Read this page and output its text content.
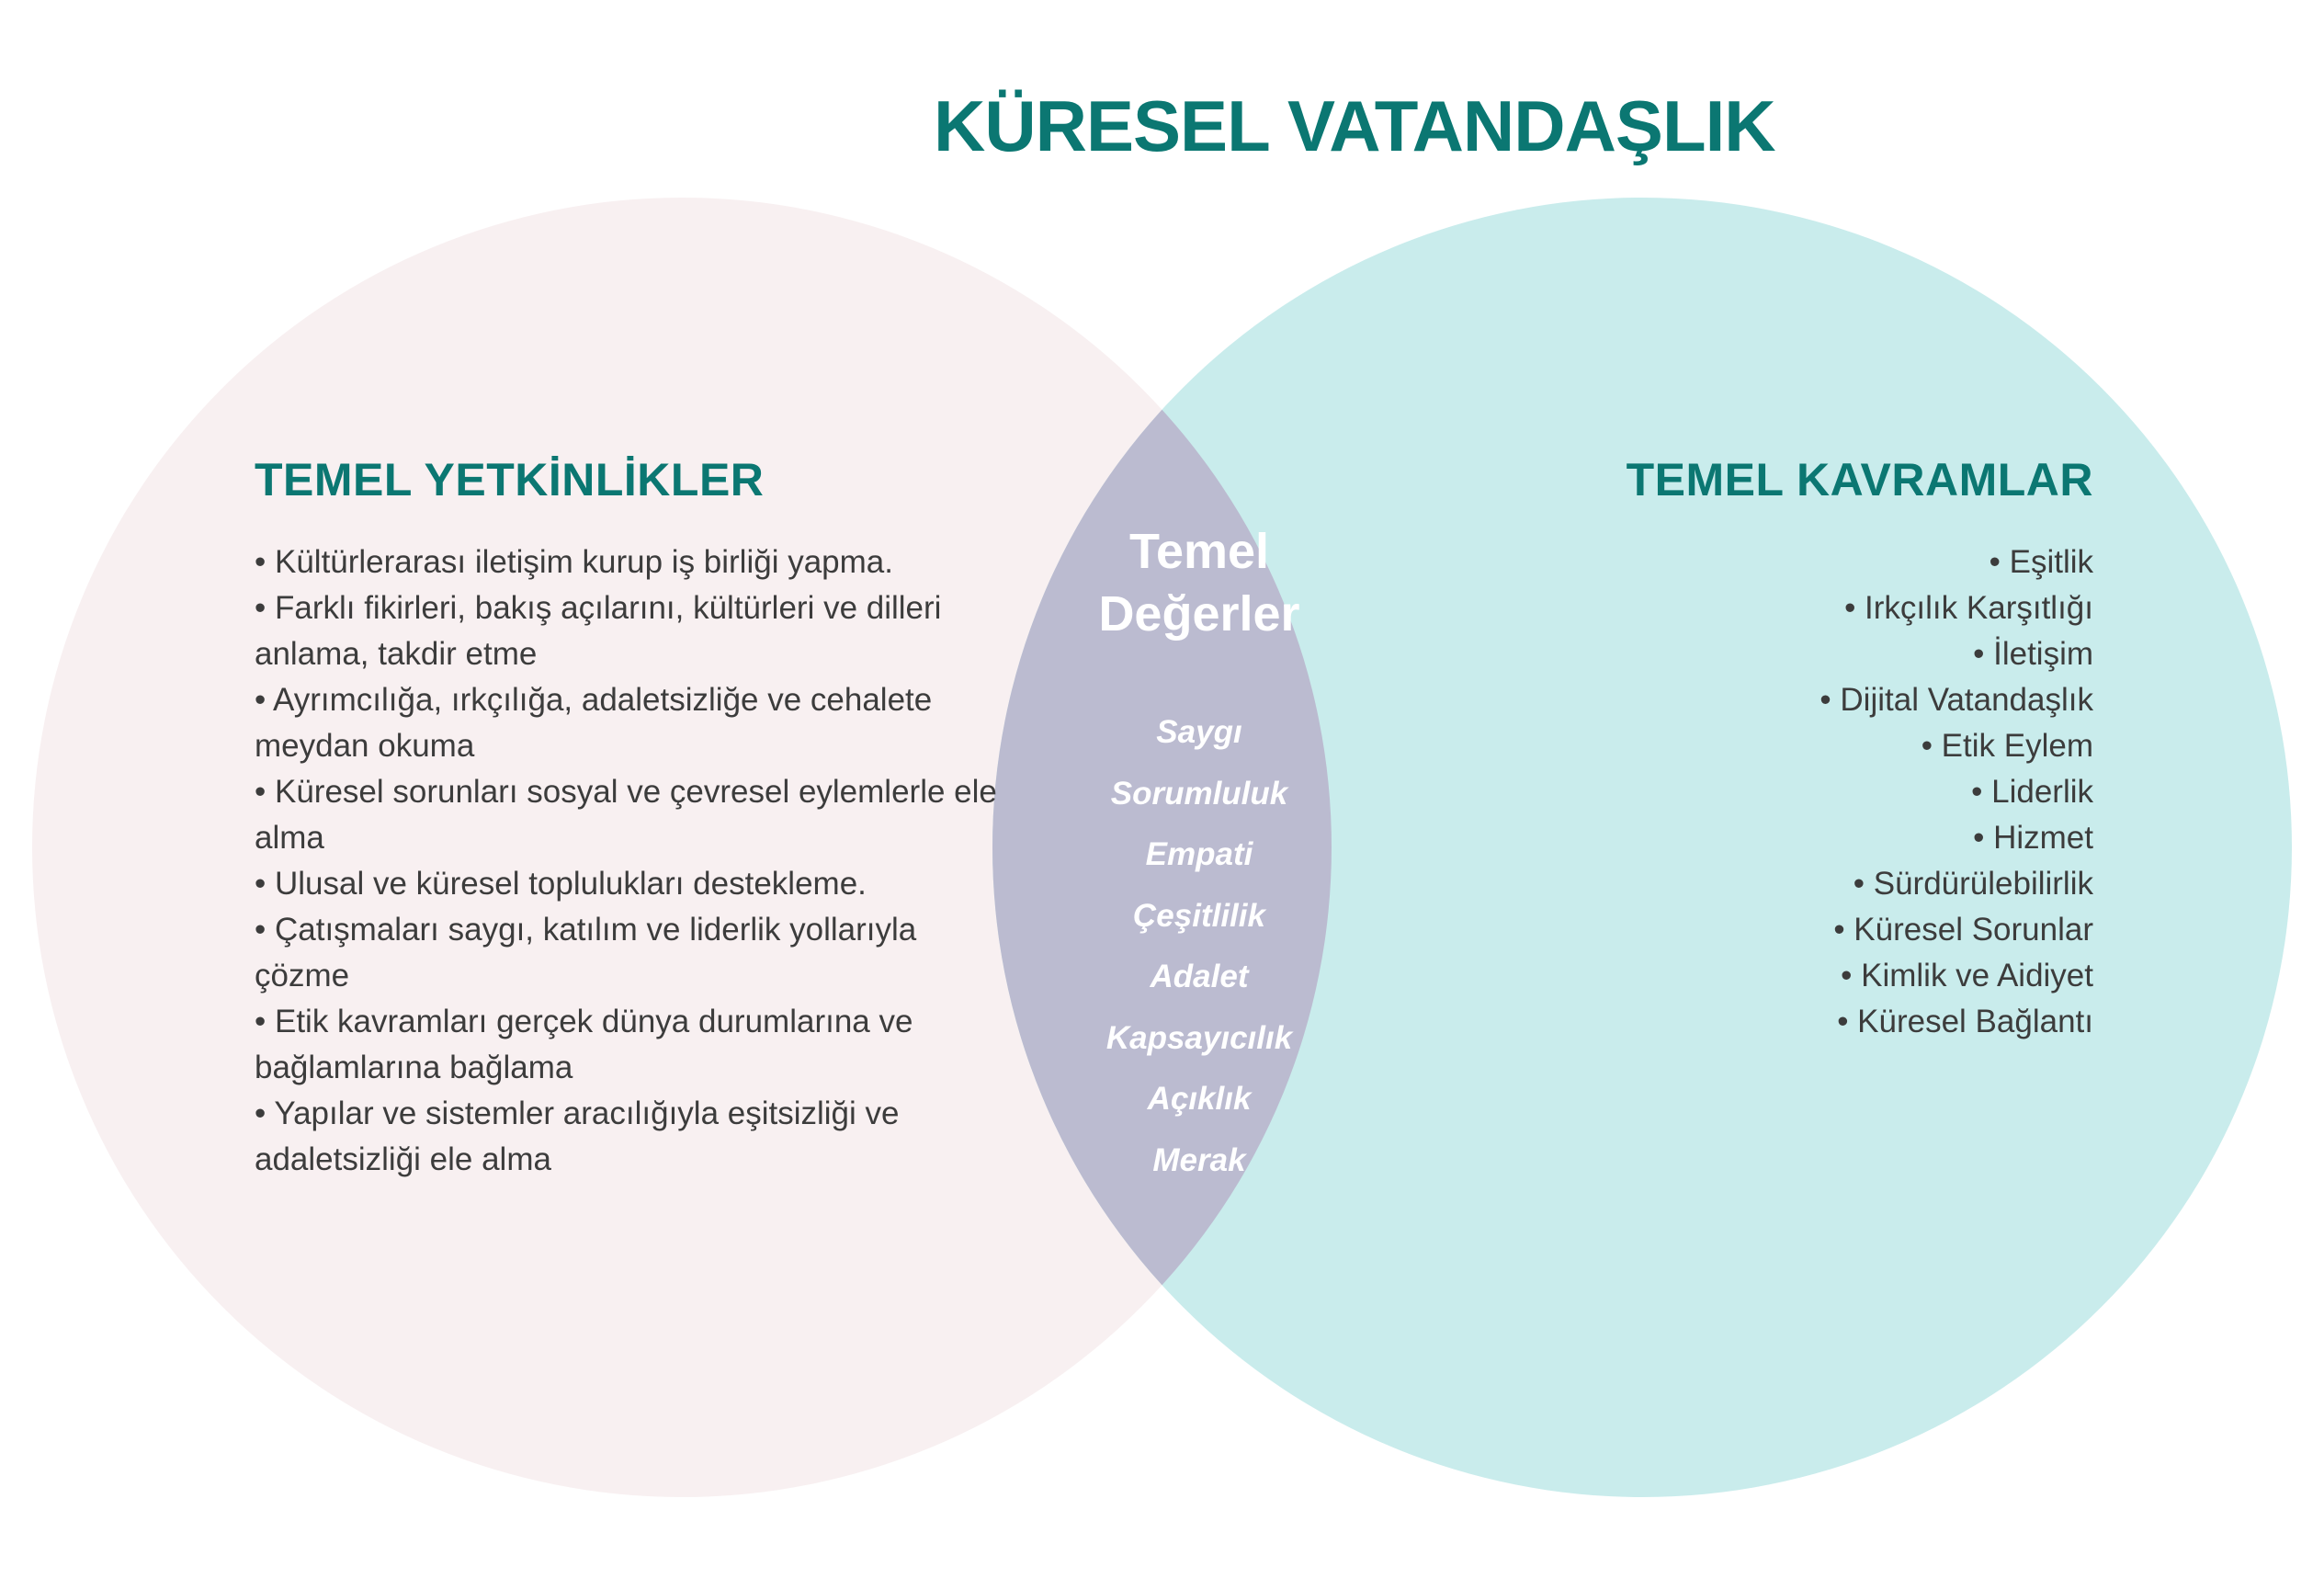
KÜRESEL VATANDAŞLIK
TEMEL YETKİNLİKLER
• Kültürlerarası iletişim kurup iş birliği yapma.
• Farklı fikirleri, bakış açılarını, kültürleri ve dilleri anlama, takdir etme
• Ayrımcılığa, ırkçılığa, adaletsizliğe ve cehalete meydan okuma
• Küresel sorunları sosyal ve çevresel eylemlerle ele alma
• Ulusal ve küresel toplulukları destekleme.
• Çatışmaları saygı, katılım ve liderlik yollarıyla çözme
• Etik kavramları gerçek dünya durumlarına ve bağlamlarına bağlama
• Yapılar ve sistemler aracılığıyla eşitsizliği ve adaletsizliği ele alma
Temel
Değerler
Saygı
Sorumluluk
Empati
Çeşitlilik
Adalet
Kapsayıcılık
Açıklık
Merak
TEMEL KAVRAMLAR
• Eşitlik
• Irkçılık Karşıtlığı
• İletişim
• Dijital Vatandaşlık
• Etik Eylem
• Liderlik
• Hizmet
• Sürdürülebilirlik
• Küresel Sorunlar
• Kimlik ve Aidiyet
• Küresel Bağlantı
